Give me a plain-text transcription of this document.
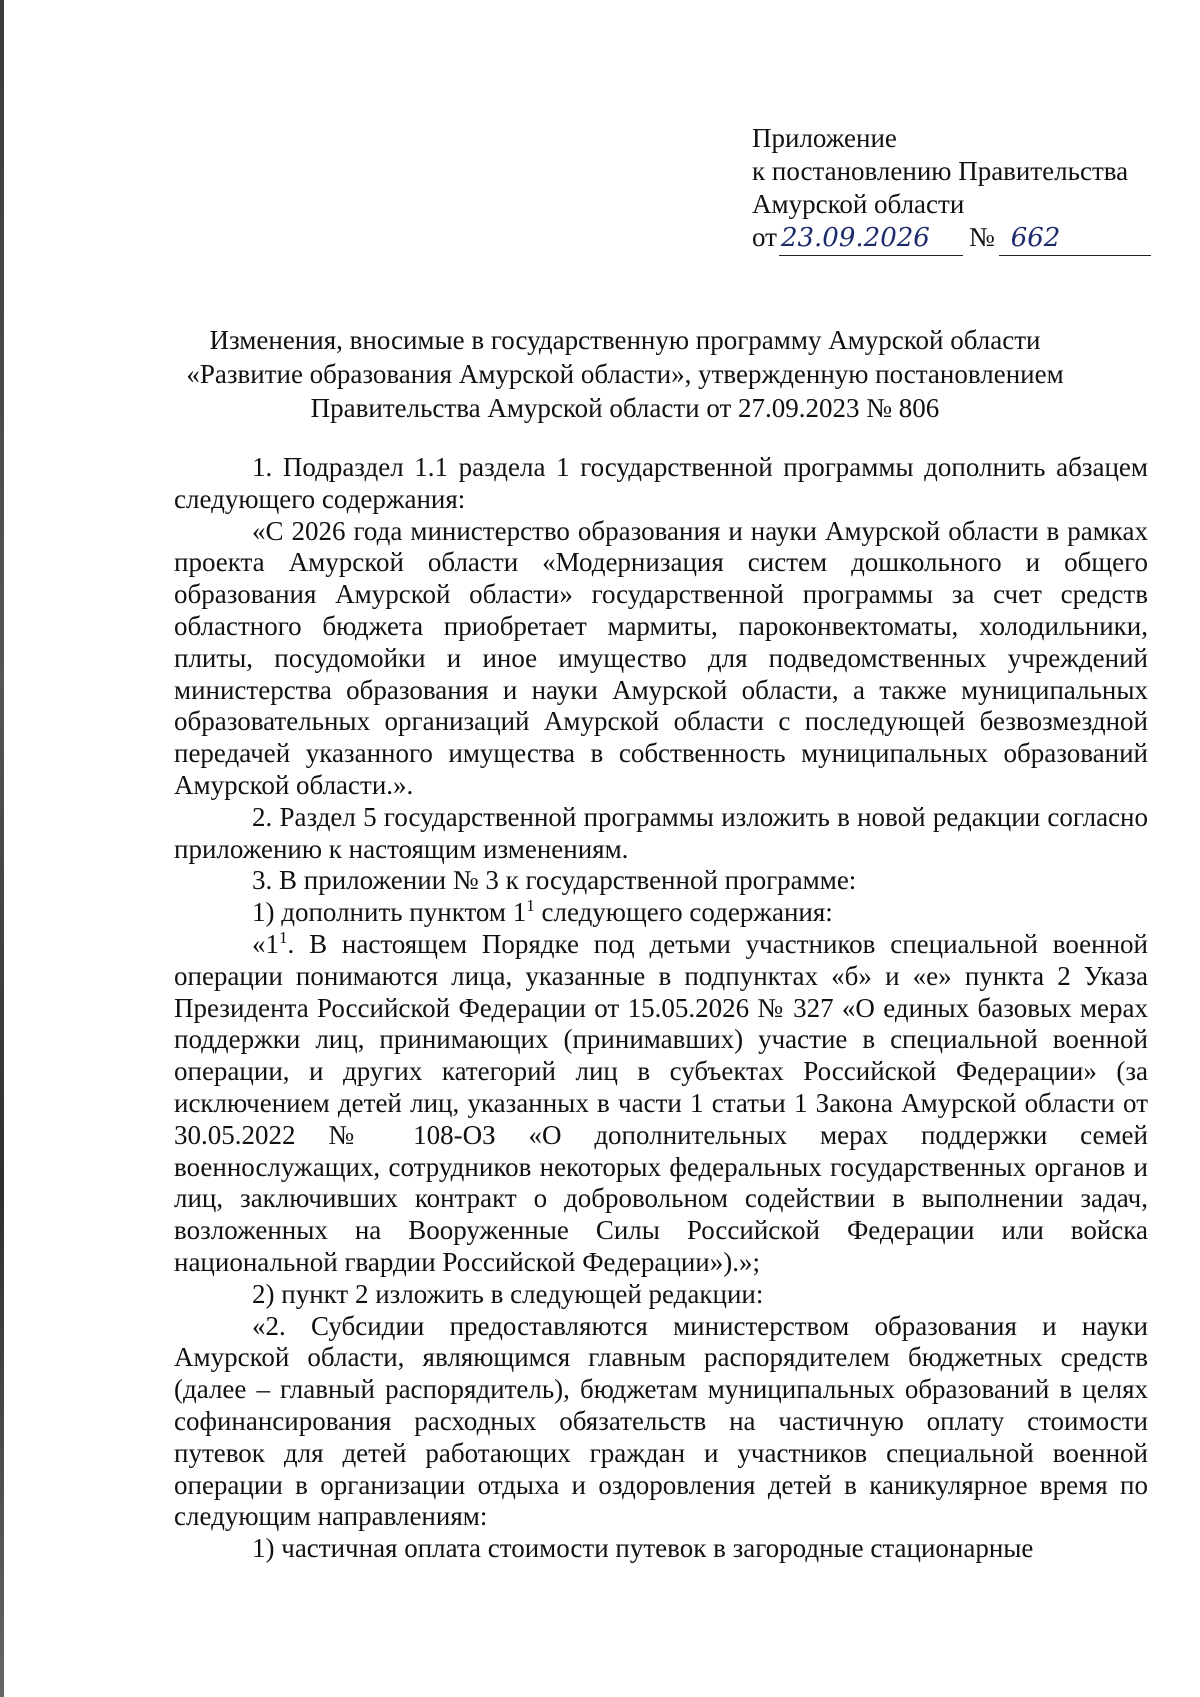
Приложение
к постановлению Правительства
Амурской области
от 23.09.2026 № 662
Изменения, вносимые в государственную программу Амурской области
«Развитие образования Амурской области», утвержденную постановлением
Правительства Амурской области от 27.09.2023 № 806

1. Подраздел 1.1 раздела 1 государственной программы дополнить абзацем следующего содержания:

«С 2026 года министерство образования и науки Амурской области в рамках проекта Амурской области «Модернизация систем дошкольного и общего образования Амурской области» государственной программы за счет средств областного бюджета приобретает мармиты, пароконвектоматы, холодильники, плиты, посудомойки и иное имущество для подведомственных учреждений министерства образования и науки Амурской области, а также муниципальных образовательных организаций Амурской области с последующей безвозмездной передачей указанного имущества в собственность муниципальных образований Амурской области.».

2. Раздел 5 государственной программы изложить в новой редакции согласно приложению к настоящим изменениям.

3. В приложении № 3 к государственной программе:

1) дополнить пунктом $1^1$ следующего содержания:

«$1^1$. В настоящем Порядке под детьми участников специальной военной операции понимаются лица, указанные в подпунктах «б» и «е» пункта 2 Указа Президента Российской Федерации от 15.05.2026 № 327 «О единых базовых мерах поддержки лиц, принимающих (принимавших) участие в специальной военной операции, и других категорий лиц в субъектах Российской Федерации» (за исключением детей лиц, указанных в части 1 статьи 1 Закона Амурской области от 30.05.2022 № 108-ОЗ «О дополнительных мерах поддержки семей военнослужащих, сотрудников некоторых федеральных государственных органов и лиц, заключивших контракт о добровольном содействии в выполнении задач, возложенных на Вооруженные Силы Российской Федерации или войска национальной гвардии Российской Федерации»).»;

2) пункт 2 изложить в следующей редакции:

«2. Субсидии предоставляются министерством образования и науки Амурской области, являющимся главным распорядителем бюджетных средств (далее – главный распорядитель), бюджетам муниципальных образований в целях софинансирования расходных обязательств на частичную оплату стоимости путевок для детей работающих граждан и участников специальной военной операции в организации отдыха и оздоровления детей в каникулярное время по следующим направлениям:

1) частичная оплата стоимости путевок в загородные стационарные
